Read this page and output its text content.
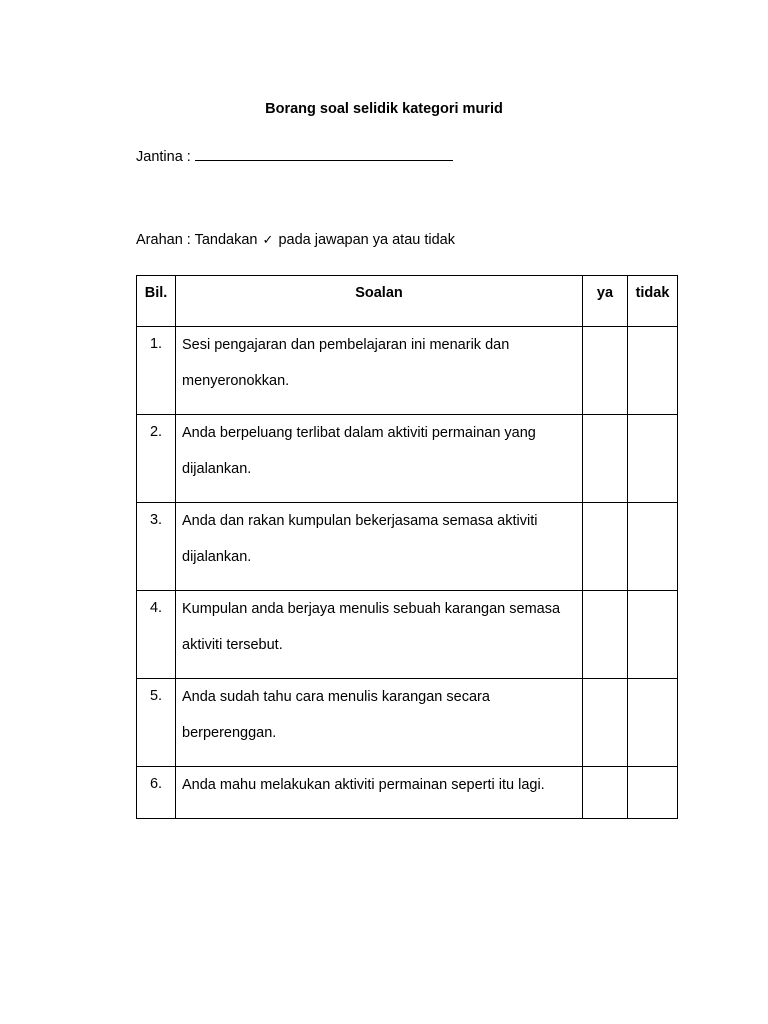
Borang soal selidik kategori murid
Jantina :
Arahan : Tandakan ✓ pada jawapan ya atau tidak
Bil.	Soalan	ya	tidak
1.	Sesi pengajaran dan pembelajaran ini menarik dan menyeronokkan.		

2.	Anda berpeluang terlibat dalam aktiviti permainan yang dijalankan.		

3.	Anda dan rakan kumpulan bekerjasama semasa aktiviti dijalankan.		

4.	Kumpulan anda berjaya menulis sebuah karangan semasa aktiviti tersebut.		

5.	Anda sudah tahu cara menulis karangan secara berperenggan.		

6.	Anda mahu melakukan aktiviti permainan seperti itu lagi.		
